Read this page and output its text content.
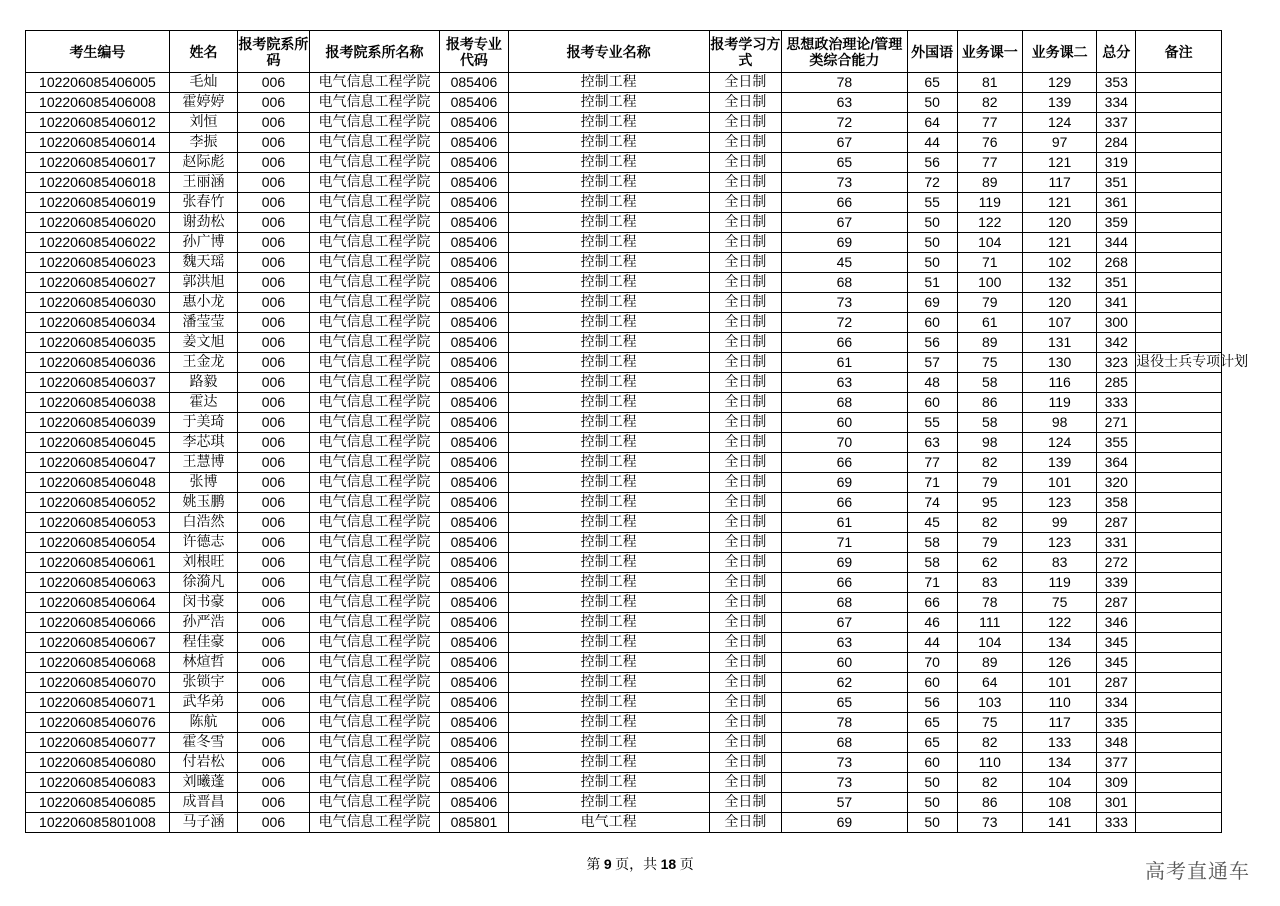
考生编号	姓名	报考院系所码	报考院系所名称	报考专业代码	报考专业名称	报考学习方式	思想政治理论/管理类综合能力	外国语	业务课一	业务课二	总分	备注
102206085406005	毛灿	006	电气信息工程学院	085406	控制工程	全日制	78	65	81	129	353	
102206085406008	霍婷婷	006	电气信息工程学院	085406	控制工程	全日制	63	50	82	139	334	
102206085406012	刘恒	006	电气信息工程学院	085406	控制工程	全日制	72	64	77	124	337	
102206085406014	李振	006	电气信息工程学院	085406	控制工程	全日制	67	44	76	97	284	
102206085406017	赵际彪	006	电气信息工程学院	085406	控制工程	全日制	65	56	77	121	319	
102206085406018	王丽涵	006	电气信息工程学院	085406	控制工程	全日制	73	72	89	117	351	
102206085406019	张春竹	006	电气信息工程学院	085406	控制工程	全日制	66	55	119	121	361	
102206085406020	谢劲松	006	电气信息工程学院	085406	控制工程	全日制	67	50	122	120	359	
102206085406022	孙广博	006	电气信息工程学院	085406	控制工程	全日制	69	50	104	121	344	
102206085406023	魏天瑶	006	电气信息工程学院	085406	控制工程	全日制	45	50	71	102	268	
102206085406027	郭洪旭	006	电气信息工程学院	085406	控制工程	全日制	68	51	100	132	351	
102206085406030	惠小龙	006	电气信息工程学院	085406	控制工程	全日制	73	69	79	120	341	
102206085406034	潘莹莹	006	电气信息工程学院	085406	控制工程	全日制	72	60	61	107	300	
102206085406035	姜文旭	006	电气信息工程学院	085406	控制工程	全日制	66	56	89	131	342	
102206085406036	王金龙	006	电气信息工程学院	085406	控制工程	全日制	61	57	75	130	323	退役士兵专项计划
102206085406037	路毅	006	电气信息工程学院	085406	控制工程	全日制	63	48	58	116	285	
102206085406038	霍达	006	电气信息工程学院	085406	控制工程	全日制	68	60	86	119	333	
102206085406039	于美琦	006	电气信息工程学院	085406	控制工程	全日制	60	55	58	98	271	
102206085406045	李芯琪	006	电气信息工程学院	085406	控制工程	全日制	70	63	98	124	355	
102206085406047	王慧博	006	电气信息工程学院	085406	控制工程	全日制	66	77	82	139	364	
102206085406048	张博	006	电气信息工程学院	085406	控制工程	全日制	69	71	79	101	320	
102206085406052	姚玉鹏	006	电气信息工程学院	085406	控制工程	全日制	66	74	95	123	358	
102206085406053	白浩然	006	电气信息工程学院	085406	控制工程	全日制	61	45	82	99	287	
102206085406054	许德志	006	电气信息工程学院	085406	控制工程	全日制	71	58	79	123	331	
102206085406061	刘根旺	006	电气信息工程学院	085406	控制工程	全日制	69	58	62	83	272	
102206085406063	徐漪凡	006	电气信息工程学院	085406	控制工程	全日制	66	71	83	119	339	
102206085406064	闵书豪	006	电气信息工程学院	085406	控制工程	全日制	68	66	78	75	287	
102206085406066	孙严浩	006	电气信息工程学院	085406	控制工程	全日制	67	46	111	122	346	
102206085406067	程佳豪	006	电气信息工程学院	085406	控制工程	全日制	63	44	104	134	345	
102206085406068	林煊哲	006	电气信息工程学院	085406	控制工程	全日制	60	70	89	126	345	
102206085406070	张锁宇	006	电气信息工程学院	085406	控制工程	全日制	62	60	64	101	287	
102206085406071	武华弟	006	电气信息工程学院	085406	控制工程	全日制	65	56	103	110	334	
102206085406076	陈航	006	电气信息工程学院	085406	控制工程	全日制	78	65	75	117	335	
102206085406077	霍冬雪	006	电气信息工程学院	085406	控制工程	全日制	68	65	82	133	348	
102206085406080	付岩松	006	电气信息工程学院	085406	控制工程	全日制	73	60	110	134	377	
102206085406083	刘曦蓬	006	电气信息工程学院	085406	控制工程	全日制	73	50	82	104	309	
102206085406085	成晋昌	006	电气信息工程学院	085406	控制工程	全日制	57	50	86	108	301	
102206085801008	马子涵	006	电气信息工程学院	085801	电气工程	全日制	69	50	73	141	333	
第 9 页，共 18 页	高考直通车
